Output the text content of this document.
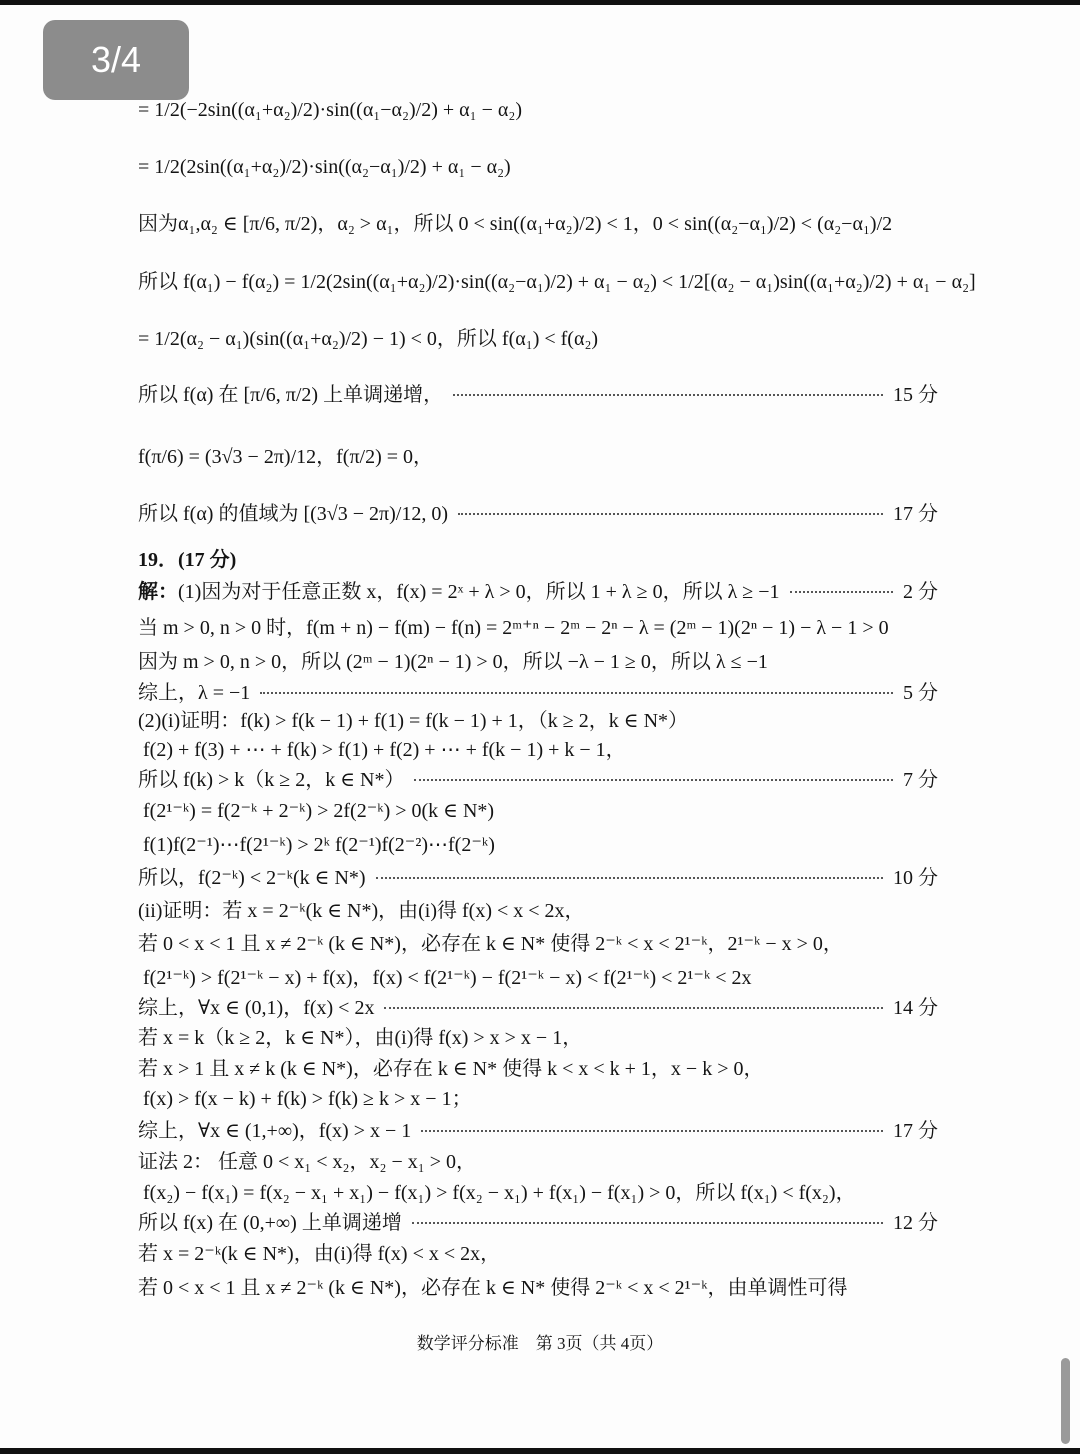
3/4
= 1/2(−2sin((α₁+α₂)/2)·sin((α₁−α₂)/2) + α₁ − α₂)
= 1/2(2sin((α₁+α₂)/2)·sin((α₂−α₁)/2) + α₁ − α₂)
因为α₁,α₂ ∈ [π/6, π/2)，α₂ > α₁，所以 0 < sin((α₁+α₂)/2) < 1，0 < sin((α₂−α₁)/2) < (α₂−α₁)/2
所以 f(α₁) − f(α₂) = 1/2(2sin((α₁+α₂)/2)·sin((α₂−α₁)/2) + α₁ − α₂) < 1/2[(α₂ − α₁)sin((α₁+α₂)/2) + α₁ − α₂]
= 1/2(α₂ − α₁)(sin((α₁+α₂)/2) − 1) < 0，所以 f(α₁) < f(α₂)
所以 f(α) 在 [π/6, π/2) 上单调递增，	15 分
f(π/6) = (3√3 − 2π)/12，f(π/2) = 0，
所以 f(α) 的值域为 [(3√3 − 2π)/12, 0)	17 分
19．(17 分)
解：(1)因为对于任意正数 x，f(x) = 2ˣ + λ > 0，所以 1 + λ ≥ 0，所以 λ ≥ −1	2 分
当 m > 0, n > 0 时，f(m + n) − f(m) − f(n) = 2ᵐ⁺ⁿ − 2ᵐ − 2ⁿ − λ = (2ᵐ − 1)(2ⁿ − 1) − λ − 1 > 0
因为 m > 0, n > 0，所以 (2ᵐ − 1)(2ⁿ − 1) > 0，所以 −λ − 1 ≥ 0，所以 λ ≤ −1
综上，λ = −1	5 分
(2)(i)证明：f(k) > f(k − 1) + f(1) = f(k − 1) + 1，（k ≥ 2，k ∈ N*）
f(2) + f(3) + ⋯ + f(k) > f(1) + f(2) + ⋯ + f(k − 1) + k − 1，
所以 f(k) > k（k ≥ 2，k ∈ N*）	7 分
f(2¹⁻ᵏ) = f(2⁻ᵏ + 2⁻ᵏ) > 2f(2⁻ᵏ) > 0(k ∈ N*)
f(1)f(2⁻¹)⋯f(2¹⁻ᵏ) > 2ᵏ f(2⁻¹)f(2⁻²)⋯f(2⁻ᵏ)
所以，f(2⁻ᵏ) < 2⁻ᵏ(k ∈ N*)	10 分
(ii)证明：若 x = 2⁻ᵏ(k ∈ N*)，由(i)得 f(x) < x < 2x，
若 0 < x < 1 且 x ≠ 2⁻ᵏ (k ∈ N*)，必存在 k ∈ N* 使得 2⁻ᵏ < x < 2¹⁻ᵏ，2¹⁻ᵏ − x > 0，
f(2¹⁻ᵏ) > f(2¹⁻ᵏ − x) + f(x)，f(x) < f(2¹⁻ᵏ) − f(2¹⁻ᵏ − x) < f(2¹⁻ᵏ) < 2¹⁻ᵏ < 2x
综上，∀x ∈ (0,1)，f(x) < 2x	14 分
若 x = k（k ≥ 2，k ∈ N*），由(i)得 f(x) > x > x − 1，
若 x > 1 且 x ≠ k (k ∈ N*)，必存在 k ∈ N* 使得 k < x < k + 1，x − k > 0，
f(x) > f(x − k) + f(k) > f(k) ≥ k > x − 1；
综上，∀x ∈ (1,+∞)，f(x) > x − 1	17 分
证法 2： 任意 0 < x₁ < x₂，x₂ − x₁ > 0，
f(x₂) − f(x₁) = f(x₂ − x₁ + x₁) − f(x₁) > f(x₂ − x₁) + f(x₁) − f(x₁) > 0，所以 f(x₁) < f(x₂)，
所以 f(x) 在 (0,+∞) 上单调递增	12 分
若 x = 2⁻ᵏ(k ∈ N*)，由(i)得 f(x) < x < 2x，
若 0 < x < 1 且 x ≠ 2⁻ᵏ (k ∈ N*)，必存在 k ∈ N* 使得 2⁻ᵏ < x < 2¹⁻ᵏ，由单调性可得
数学评分标准　第 3页（共 4页）
